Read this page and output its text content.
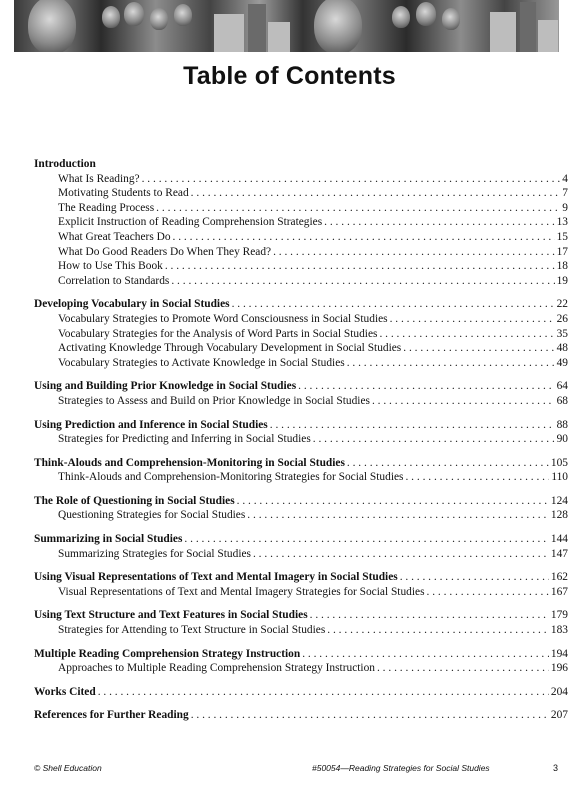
Table of Contents
Introduction
What Is Reading? . . .	4
Motivating Students to Read . . .	7
The Reading Process . . .	9
Explicit Instruction of Reading Comprehension Strategies . . .	13
What Great Teachers Do . . .	15
What Do Good Readers Do When They Read? . . .	17
How to Use This Book . . .	18
Correlation to Standards . . .	19
Developing Vocabulary in Social Studies . . .	22
Vocabulary Strategies to Promote Word Consciousness in Social Studies . . .	26
Vocabulary Strategies for the Analysis of Word Parts in Social Studies . . .	35
Activating Knowledge Through Vocabulary Development in Social Studies . . .	48
Vocabulary Strategies to Activate Knowledge in Social Studies . . .	49
Using and Building Prior Knowledge in Social Studies . . .	64
Strategies to Assess and Build on Prior Knowledge in Social Studies . . .	68
Using Prediction and Inference in Social Studies . . .	88
Strategies for Predicting and Inferring in Social Studies . . .	90
Think-Alouds and Comprehension-Monitoring in Social Studies . . .	105
Think-Alouds and Comprehension-Monitoring Strategies for Social Studies . . .	110
The Role of Questioning in Social Studies . . .	124
Questioning Strategies for Social Studies . . .	128
Summarizing in Social Studies . . .	144
Summarizing Strategies for Social Studies . . .	147
Using Visual Representations of Text and Mental Imagery in Social Studies . . .	162
Visual Representations of Text and Mental Imagery Strategies for Social Studies . . .	167
Using Text Structure and Text Features in Social Studies . . .	179
Strategies for Attending to Text Structure in Social Studies . . .	183
Multiple Reading Comprehension Strategy Instruction . . .	194
Approaches to Multiple Reading Comprehension Strategy Instruction . . .	196
Works Cited . . .	204
References for Further Reading . . .	207
© Shell Education	#50054—Reading Strategies for Social Studies	3
